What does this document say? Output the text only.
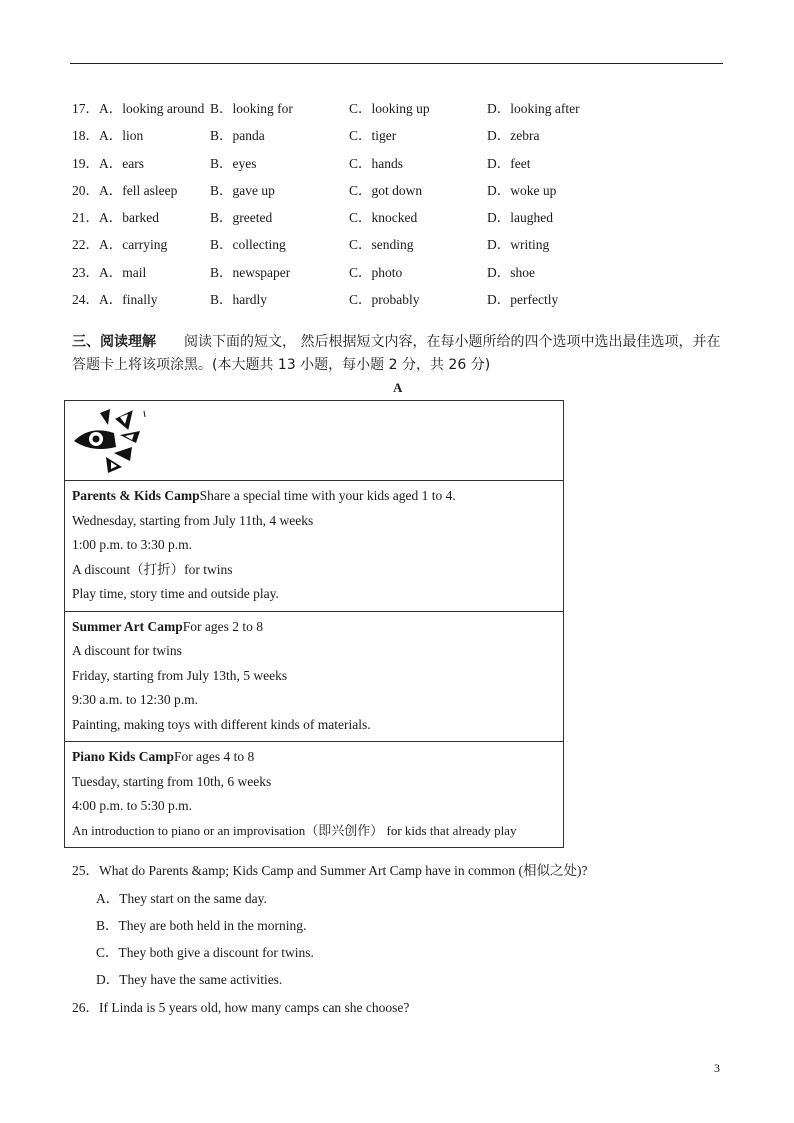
17．A．looking around B．looking for	C．looking up	D．looking after
18．A．lion	B．panda	C．tiger	D．zebra
19．A．ears	B．eyes	C．hands	D．feet
20．A．fell asleep B．gave up	C．got down	D．woke up
21．A．barked	B．greeted	C．knocked	D．laughed
22．A．carrying	B．collecting	C．sending	D．writing
23．A．mail	B．newspaper	C．photo	D．shoe
24．A．finally	B．hardly	C．probably	D．perfectly
三、阅读理解　　阅读下面的短文， 然后根据短文内容，在每小题所给的四个选项中选出最佳选项，并在答题卡上将该项涂黑。(本大题共 13 小题，每小题 2 分，共 26 分)
A
Parents & Kids CampShare a special time with your kids aged 1 to 4.
Wednesday, starting from July 11th, 4 weeks
1:00 p.m. to 3:30 p.m.
A discount（打折）for twins
Play time, story time and outside play.
Summer Art CampFor ages 2 to 8
A discount for twins
Friday, starting from July 13th, 5 weeks
9:30 a.m. to 12:30 p.m.
Painting, making toys with different kinds of materials.
Piano Kids CampFor ages 4 to 8
Tuesday, starting from 10th, 6 weeks
4:00 p.m. to 5:30 p.m.
An introduction to piano or an improvisation（即兴创作） for kids that already play
25．What do Parents &amp; Kids Camp and Summer Art Camp have in common (相似之处)?
A．They start on the same day.
B．They are both held in the morning.
C．They both give a discount for twins.
D．They have the same activities.
26．If Linda is 5 years old, how many camps can she choose?
3
